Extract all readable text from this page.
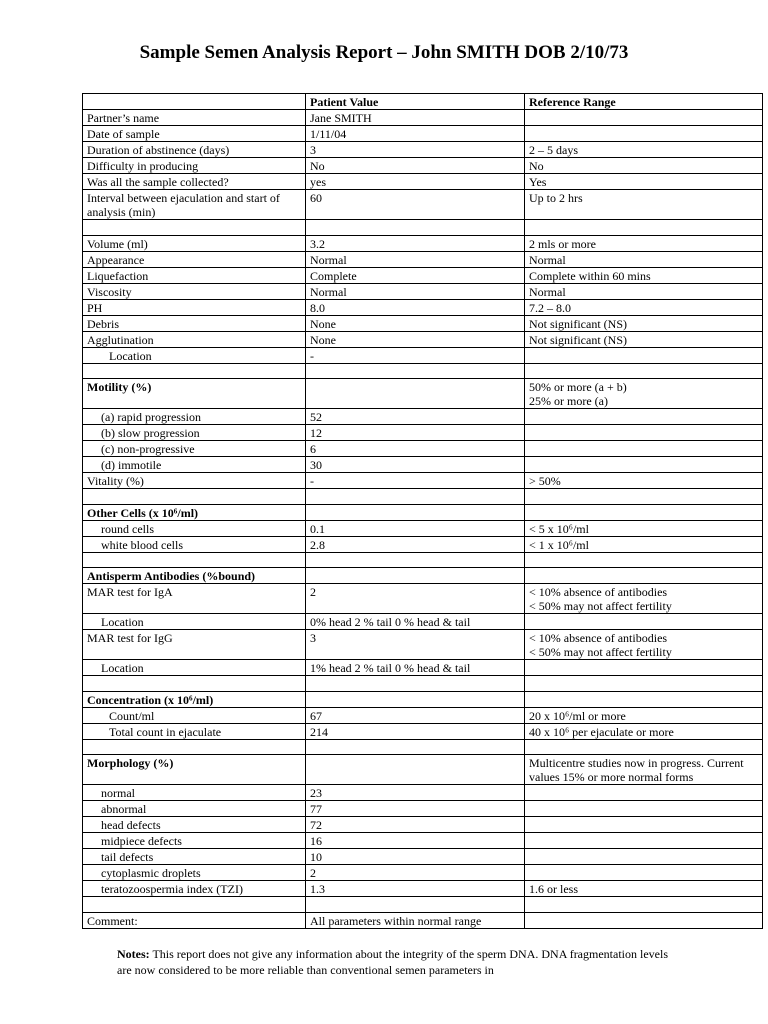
Sample Semen Analysis Report – John SMITH DOB 2/10/73
	Patient Value	Reference Range
Partner’s name	Jane SMITH	
Date of sample	1/11/04	
Duration of abstinence (days)	3	2 – 5 days
Difficulty in producing	No	No
Was all the sample collected?	yes	Yes
Interval between ejaculation and start of analysis (min)	60	Up to 2 hrs

Volume (ml)	3.2	2 mls or more
Appearance	Normal	Normal
Liquefaction	Complete	Complete within 60 mins
Viscosity	Normal	Normal
PH	8.0	7.2 – 8.0
Debris	None	Not significant (NS)
Agglutination	None	Not significant (NS)
Location	-	

Motility (%)		50% or more (a + b)
25% or more (a)
(a) rapid progression	52	
(b) slow progression	12	
(c) non-progressive	6	
(d) immotile	30	
Vitality (%)	-	> 50%

Other Cells (x 10⁶/ml)		
round cells	0.1	< 5 x 10⁶/ml
white blood cells	2.8	< 1 x 10⁶/ml

Antisperm Antibodies (%bound)		
MAR test for IgA	2	< 10% absence of antibodies
< 50% may not affect fertility
Location	0% head 2 % tail 0 % head & tail	
MAR test for IgG	3	< 10% absence of antibodies
< 50% may not affect fertility
Location	1% head 2 % tail 0 % head & tail	

Concentration (x 10⁶/ml)		
Count/ml	67	20 x 10⁶/ml or more
Total count in ejaculate	214	40 x 10⁶ per ejaculate or more

Morphology (%)		Multicentre studies now in progress. Current values 15% or more normal forms
normal	23	
abnormal	77	
head defects	72	
midpiece defects	16	
tail defects	10	
cytoplasmic droplets	2	
teratozoospermia index (TZI)	1.3	1.6 or less

Comment:	All parameters within normal range	

Notes: This report does not give any information about the integrity of the sperm DNA. DNA fragmentation levels are now considered to be more reliable than conventional semen parameters in
